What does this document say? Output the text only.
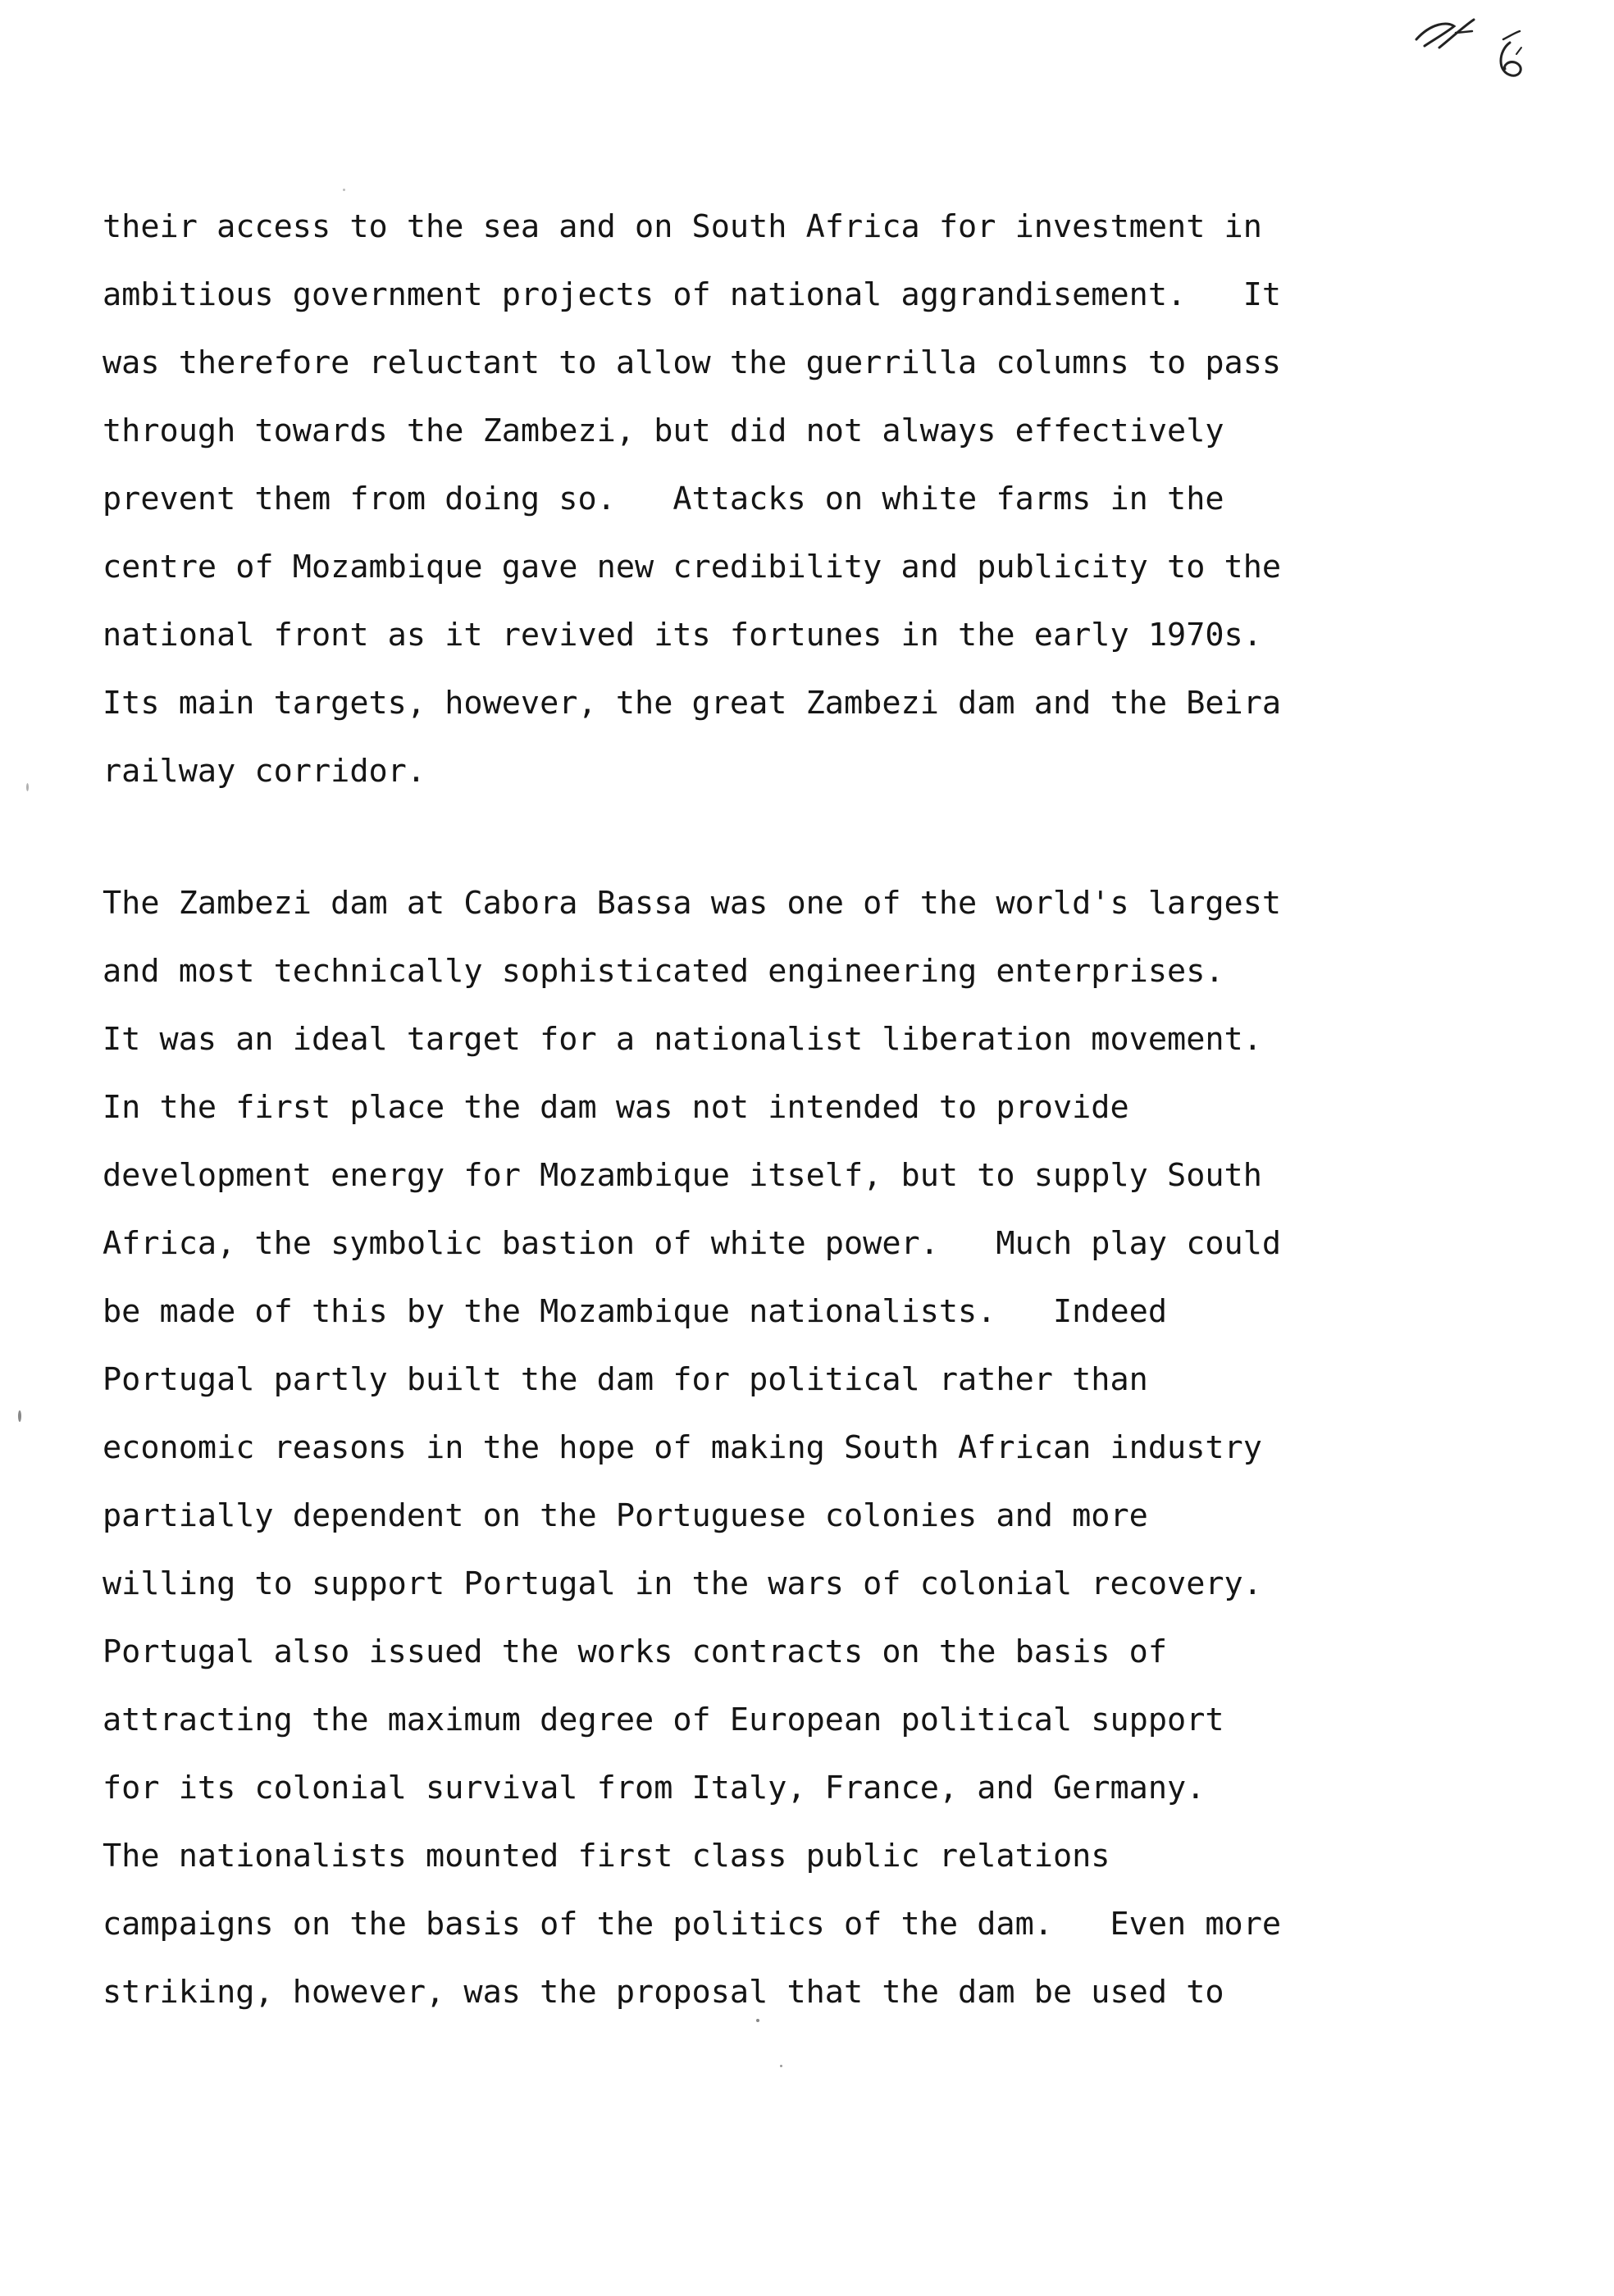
their access to the sea and on South Africa for investment in
ambitious government projects of national aggrandisement.   It
was therefore reluctant to allow the guerrilla columns to pass
through towards the Zambezi, but did not always effectively
prevent them from doing so.   Attacks on white farms in the
centre of Mozambique gave new credibility and publicity to the
national front as it revived its fortunes in the early 1970s.
Its main targets, however, the great Zambezi dam and the Beira
railway corridor.
The Zambezi dam at Cabora Bassa was one of the world's largest
and most technically sophisticated engineering enterprises.
It was an ideal target for a nationalist liberation movement.
In the first place the dam was not intended to provide
development energy for Mozambique itself, but to supply South
Africa, the symbolic bastion of white power.   Much play could
be made of this by the Mozambique nationalists.   Indeed
Portugal partly built the dam for political rather than
economic reasons in the hope of making South African industry
partially dependent on the Portuguese colonies and more
willing to support Portugal in the wars of colonial recovery.
Portugal also issued the works contracts on the basis of
attracting the maximum degree of European political support
for its colonial survival from Italy, France, and Germany.
The nationalists mounted first class public relations
campaigns on the basis of the politics of the dam.   Even more
striking, however, was the proposal that the dam be used to
